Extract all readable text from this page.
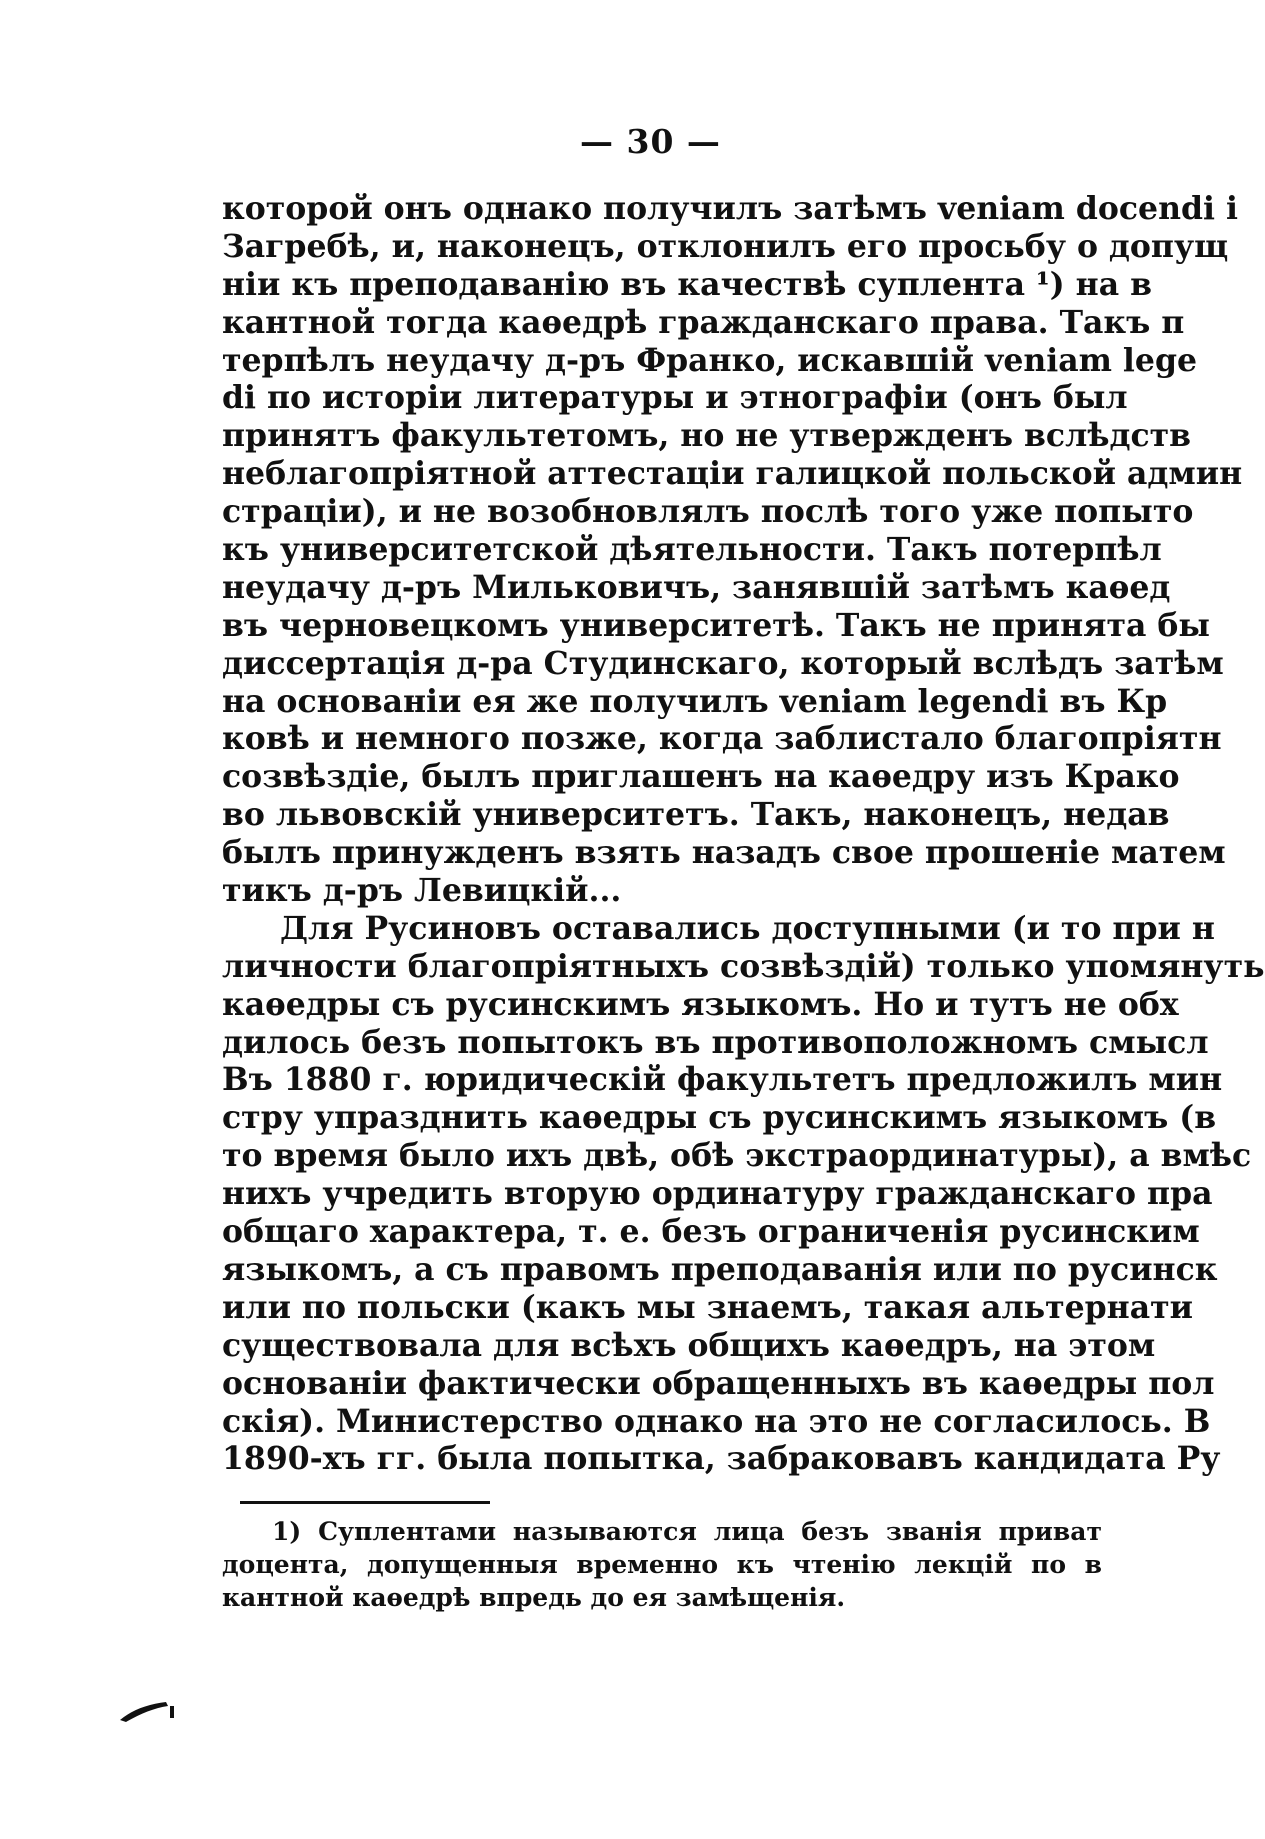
— 30 —
которой онъ однако получилъ затѣмъ veniam docendi і
Загребѣ, и, наконецъ, отклонилъ его просьбу о допущ
ніи къ преподаванію въ качествѣ суплента ¹) на в
кантной тогда каѳедрѣ гражданскаго права. Такъ п
терпѣлъ неудачу д-ръ Франко, искавшій veniam lege
di по исторіи литературы и этнографіи (онъ был
принятъ факультетомъ, но не утвержденъ вслѣдств
неблагопріятной аттестаціи галицкой польской админ
страціи), и не возобновлялъ послѣ того уже попыто
къ университетской дѣятельности. Такъ потерпѣл
неудачу д-ръ Мильковичъ, занявшій затѣмъ каѳед
въ черновецкомъ университетѣ. Такъ не принята бы
диссертація д-ра Студинскаго, который вслѣдъ затѣм
на основаніи ея же получилъ veniam legendi въ Кр
ковѣ и немного позже, когда заблистало благопріятн
созвѣздіе, былъ приглашенъ на каѳедру изъ Крако
во львовскій университетъ. Такъ, наконецъ, недав
былъ принужденъ взять назадъ свое прошеніе матем
тикъ д-ръ Левицкій...
Для Русиновъ оставались доступными (и то при н
личности благопріятныхъ созвѣздій) только упомянуть
каѳедры съ русинскимъ языкомъ. Но и тутъ не обх
дилось безъ попытокъ въ противоположномъ смысл
Въ 1880 г. юридическій факультетъ предложилъ мин
стру упразднить каѳедры съ русинскимъ языкомъ (в
то время было ихъ двѣ, обѣ экстраординатуры), а вмѣс
нихъ учредить вторую ординатуру гражданскаго пра
общаго характера, т. е. безъ ограниченія русинским
языкомъ, а съ правомъ преподаванія или по русинск
или по польски (какъ мы знаемъ, такая альтернати
существовала для всѣхъ общихъ каѳедръ, на этом
основаніи фактически обращенныхъ въ каѳедры пол
скія). Министерство однако на это не согласилось. В
1890-хъ гг. была попытка, забраковавъ кандидата Ру
1) Суплентами называются лица безъ званія приват
доцента, допущенныя временно къ чтенію лекцій по в
кантной каѳедрѣ впредь до ея замѣщенія.
